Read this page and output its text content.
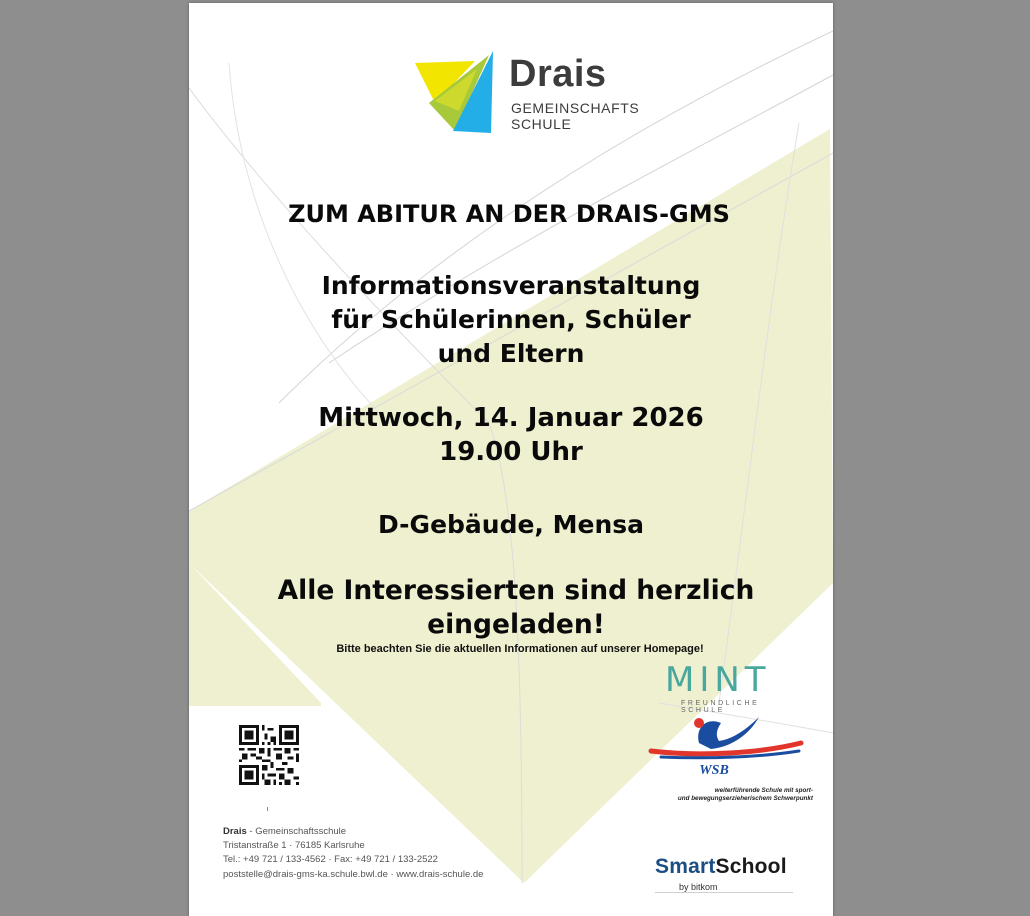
Drais
GEMEINSCHAFTS
SCHULE
ZUM ABITUR AN DER DRAIS-GMS
Informationsveranstaltung
für Schülerinnen, Schüler
und Eltern
Mittwoch, 14. Januar 2026
19.00 Uhr
D-Gebäude, Mensa
Alle Interessierten sind herzlich
eingeladen!
Bitte beachten Sie die aktuellen Informationen auf unserer Homepage!
Drais - Gemeinschaftsschule
Tristanstraße 1 · 76185 Karlsruhe
Tel.: +49 721 / 133-4562 · Fax: +49 721 / 133-2522
poststelle@drais-gms-ka.schule.bwl.de · www.drais-schule.de
MINT
FREUNDLICHE SCHULE
WSB
weiterführende Schule mit sport-
und bewegungserzieherischem Schwerpunkt
SmartSchool
by bitkom
